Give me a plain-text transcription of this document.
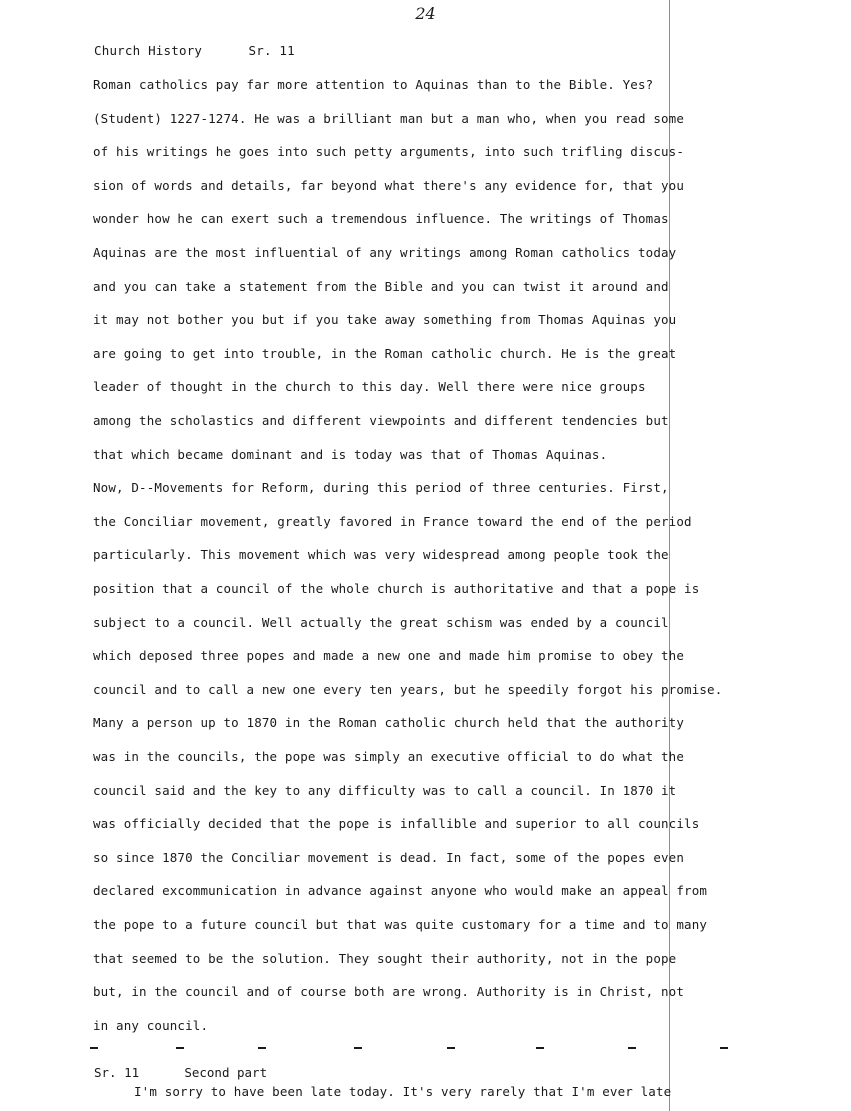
24
Church History	Sr. 11
Roman catholics pay far more attention to Aquinas than to the Bible. Yes?
(Student) 1227-1274. He was a brilliant man but a man who, when you read some
of his writings he goes into such petty arguments, into such trifling discus-
sion of words and details, far beyond what there's any evidence for, that you
wonder how he can exert such a tremendous influence. The writings of Thomas
Aquinas are the most influential of any writings among Roman catholics today
and you can take a statement from the Bible and you can twist it around and
it may not bother you but if you take away something from Thomas Aquinas you
are going to get into trouble, in the Roman catholic church. He is the great
leader of thought in the church to this day. Well there were nice groups
among the scholastics and different viewpoints and different tendencies but
that which became dominant and is today was that of Thomas Aquinas.
Now, D--Movements for Reform, during this period of three centuries. First,
the Conciliar movement, greatly favored in France toward the end of the period
particularly. This movement which was very widespread among people took the
position that a council of the whole church is authoritative and that a pope is
subject to a council. Well actually the great schism was ended by a council
which deposed three popes and made a new one and made him promise to obey the
council and to call a new one every ten years, but he speedily forgot his promise.
Many a person up to 1870 in the Roman catholic church held that the authority
was in the councils, the pope was simply an executive official to do what the
council said and the key to any difficulty was to call a council. In 1870 it
was officially decided that the pope is infallible and superior to all councils
so since 1870 the Conciliar movement is dead. In fact, some of the popes even
declared excommunication in advance against anyone who would make an appeal from
the pope to a future council but that was quite customary for a time and to many
that seemed to be the solution. They sought their authority, not in the pope
but, in the council and of course both are wrong. Authority is in Christ, not
in any council.
Sr. 11	Second part
I'm sorry to have been late today. It's very rarely that I'm ever late
